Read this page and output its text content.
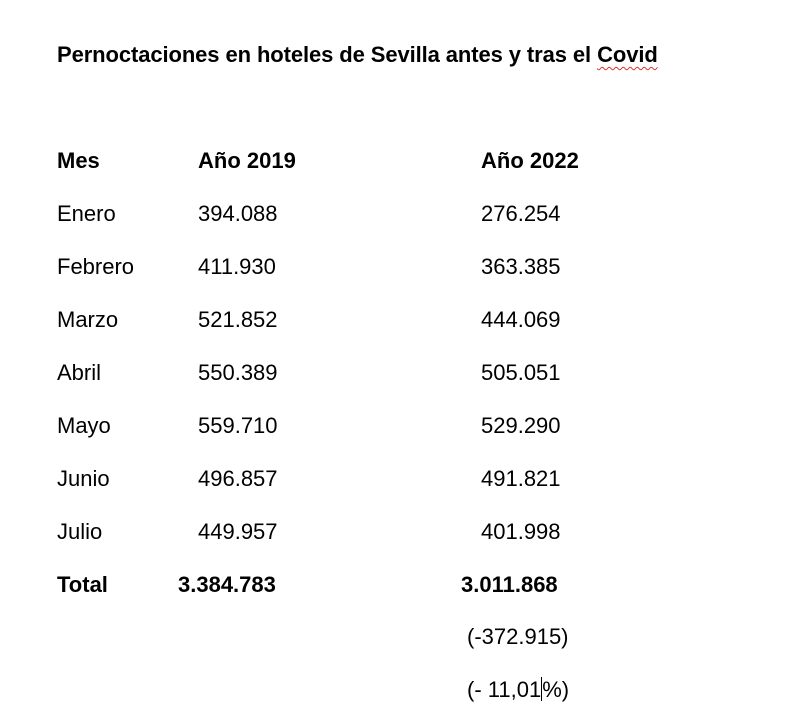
Pernoctaciones en hoteles de Sevilla antes y tras el Covid
Mes	Año 2019	Año 2022
Enero	394.088	276.254
Febrero	411.930	363.385
Marzo	521.852	444.069
Abril	550.389	505.051
Mayo	559.710	529.290
Junio	496.857	491.821
Julio	449.957	401.998
Total	3.384.783	3.011.868
(-372.915)
(- 11,01%)
